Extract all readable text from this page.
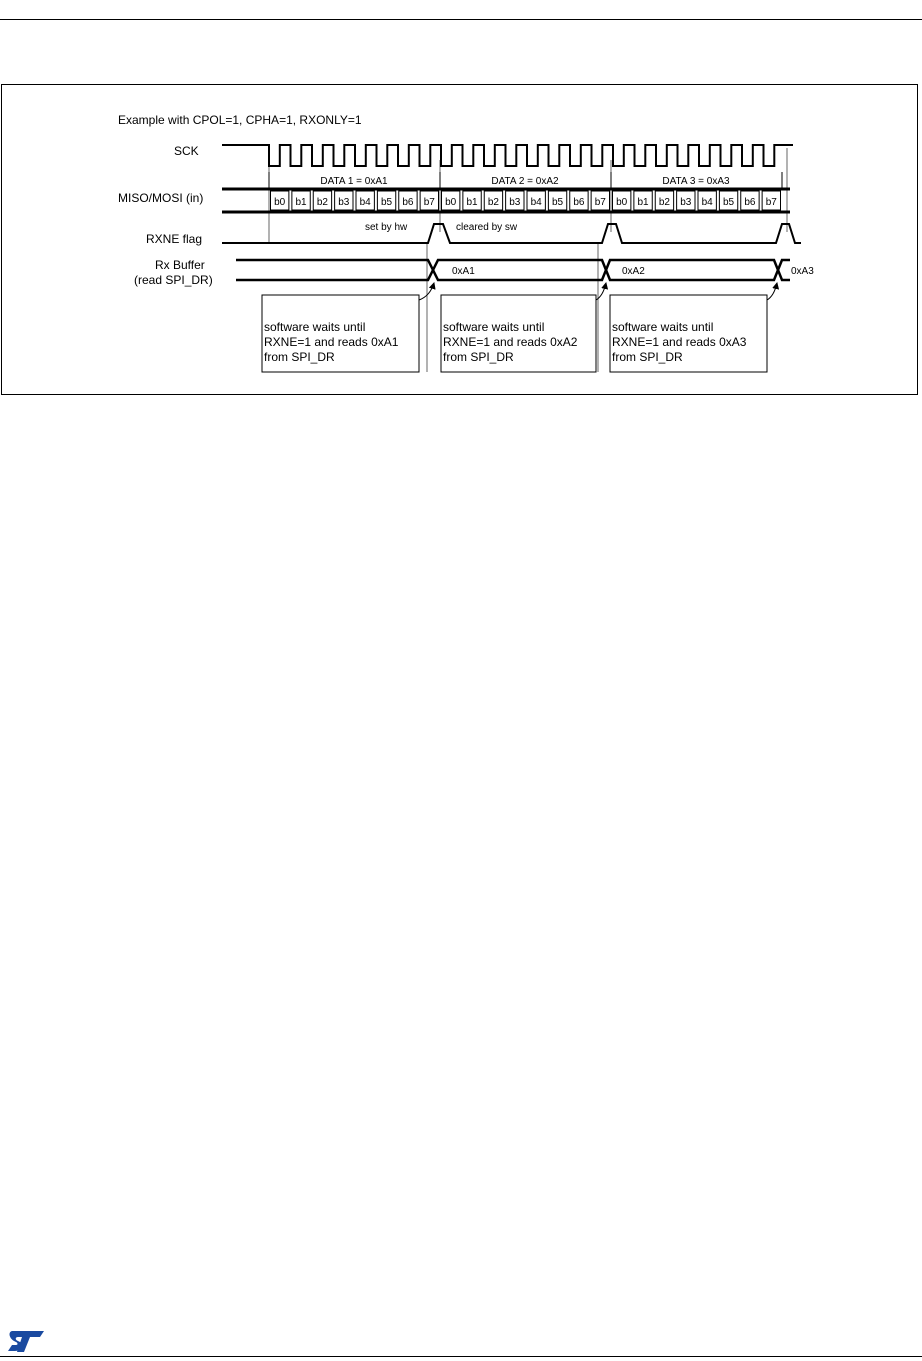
Example with CPOL=1, CPHA=1, RXONLY=1
SCK
MISO/MOSI (in)
RXNE flag
Rx Buffer
(read SPI_DR)
DATA 1 = 0xA1	DATA 2 = 0xA2	DATA 3 = 0xA3
b0 b1 b2 b3 b4 b5 b6 b7 b0 b1 b2 b3 b4 b5 b6 b7 b0 b1 b2 b3 b4 b5 b6 b7
set by hw	cleared by sw
0xA1	0xA2	0xA3
software waits until
RXNE=1 and reads 0xA1
from SPI_DR
software waits until
RXNE=1 and reads 0xA2
from SPI_DR
software waits until
RXNE=1 and reads 0xA3
from SPI_DR
